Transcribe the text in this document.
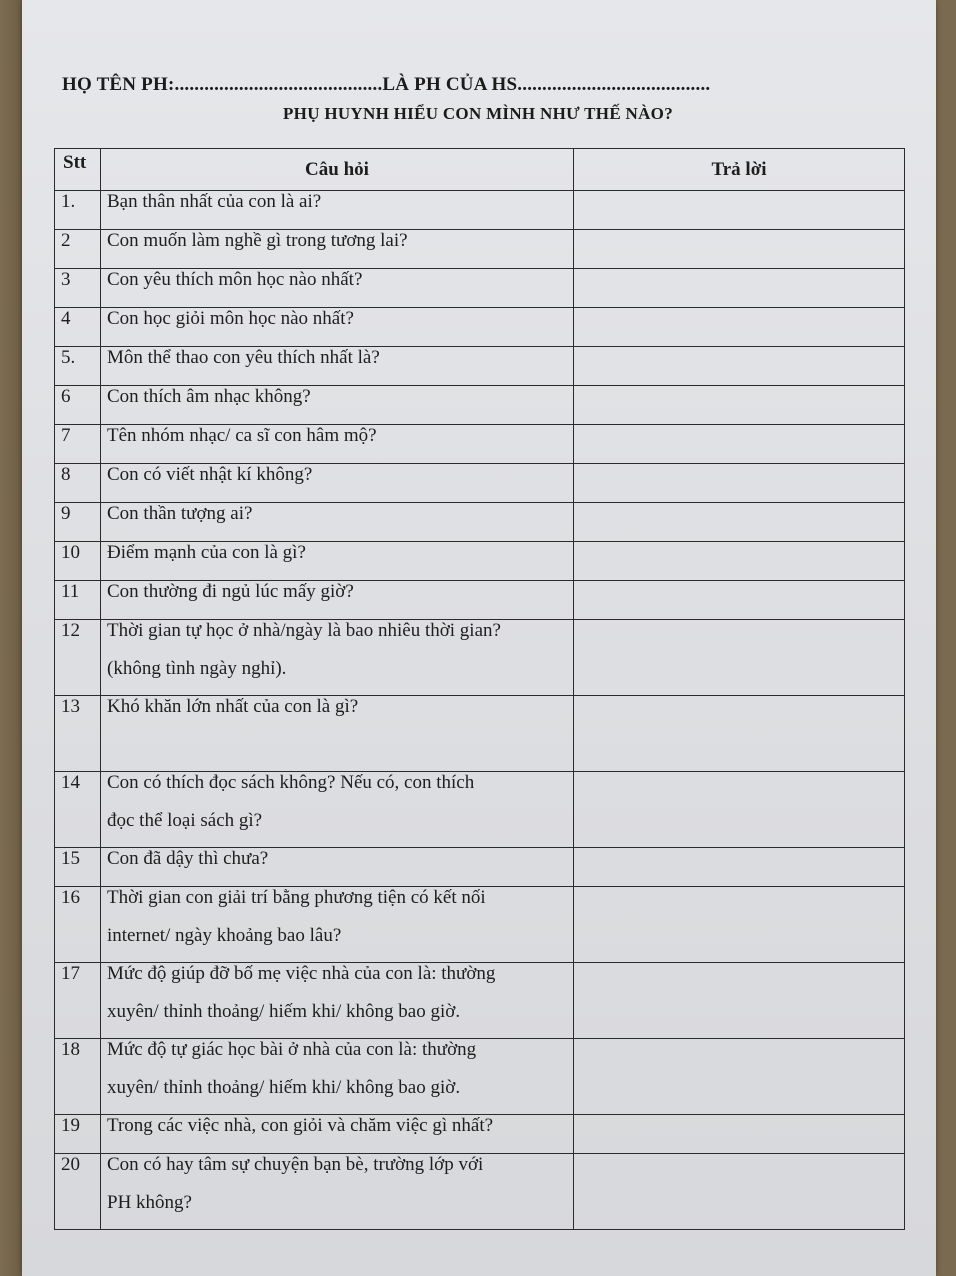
HỌ TÊN PH:..........................................LÀ PH CỦA HS.......................................
PHỤ HUYNH HIỂU CON MÌNH NHƯ THẾ NÀO?
Stt	Câu hỏi	Trả lời
1.	Bạn thân nhất của con là ai?	

2	Con muốn làm nghề gì trong tương lai?	

3	Con yêu thích môn học nào nhất?	

4	Con học giỏi môn học nào nhất?	

5.	Môn thể thao con yêu thích nhất là?	

6	Con thích âm nhạc không?	

7	Tên nhóm nhạc/ ca sĩ con hâm mộ?	

8	Con có viết nhật kí không?	

9	Con thần tượng ai?	

10	Điểm mạnh của con là gì?	

11	Con thường đi ngủ lúc mấy giờ?	

12	Thời gian tự học ở nhà/ngày là bao nhiêu thời gian?
(không tình ngày nghỉ).	

13	Khó khăn lớn nhất của con là gì?	

14	Con có thích đọc sách không? Nếu có, con thích
đọc thể loại sách gì?	

15	Con đã dậy thì chưa?	

16	Thời gian con giải trí bằng phương tiện có kết nối
internet/ ngày khoảng bao lâu?	

17	Mức độ giúp đỡ bố mẹ việc nhà của con là: thường
xuyên/ thỉnh thoảng/ hiếm khi/ không bao giờ.	

18	Mức độ tự giác học bài ở nhà của con là: thường
xuyên/ thỉnh thoảng/ hiếm khi/ không bao giờ.	

19	Trong các việc nhà, con giỏi và chăm việc gì nhất?	

20	Con có hay tâm sự chuyện bạn bè, trường lớp với
PH không?	
